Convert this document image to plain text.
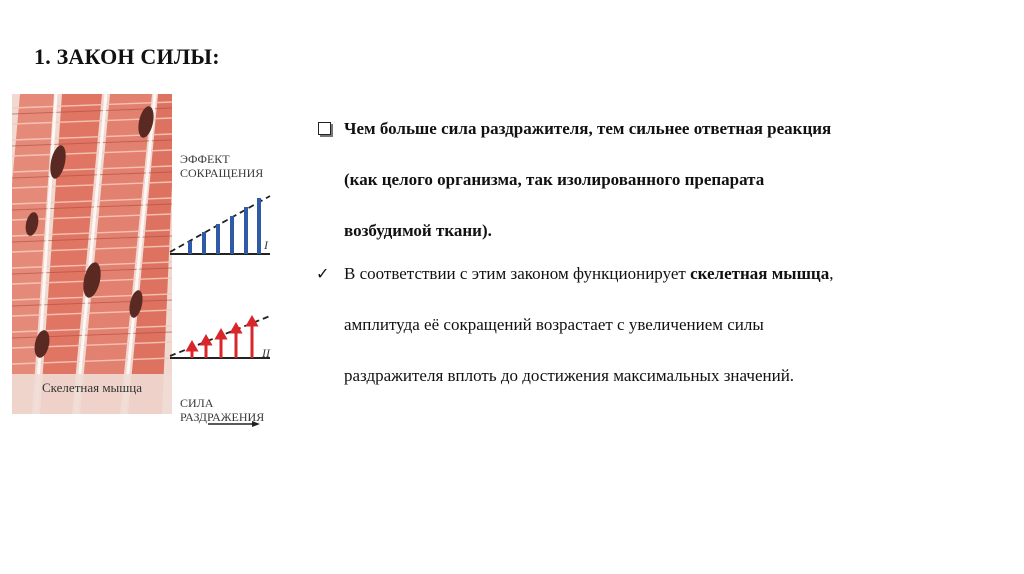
1. ЗАКОН СИЛЫ:
ЭФФЕКТ
СОКРАЩЕНИЯ
I
II
Скелетная мышца
СИЛА
РАЗДРАЖЕНИЯ
Чем больше сила раздражителя, тем сильнее ответная реакция
(как целого организма, так изолированного препарата
возбудимой ткани).
✓ В соответствии с этим законом функционирует скелетная мышца,
амплитуда её сокращений возрастает с увеличением силы
раздражителя вплоть до достижения максимальных значений.
